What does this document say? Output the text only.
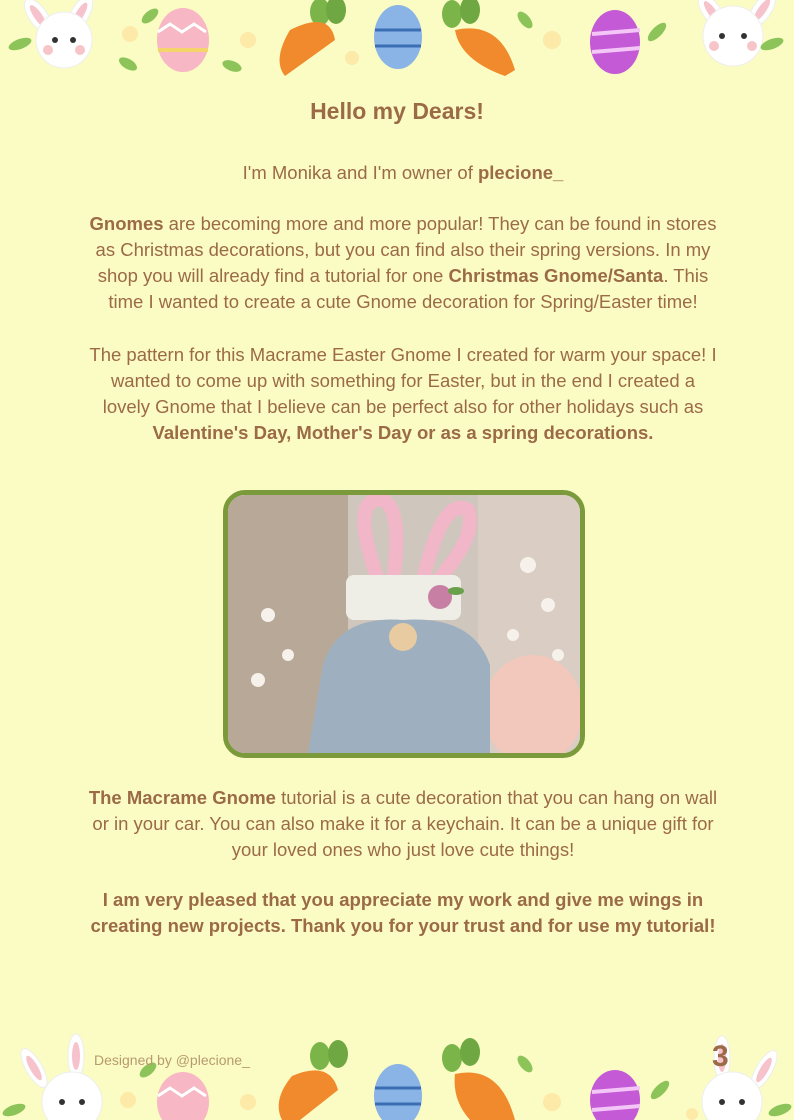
Hello my Dears!

I'm Monika and I'm owner of plecione_

Gnomes are becoming more and more popular! They can be found in stores as Christmas decorations, but you can find also their spring versions. In my shop you will already find a tutorial for one Christmas Gnome/Santa. This time I wanted to create a cute Gnome decoration for Spring/Easter time!

The pattern for this Macrame Easter Gnome I created for warm your space! I wanted to come up with something for Easter, but in the end I created a lovely Gnome that I believe can be perfect also for other holidays such as Valentine's Day, Mother's Day or as a spring decorations.

The Macrame Gnome tutorial is a cute decoration that you can hang on wall or in your car. You can also make it for a keychain. It can be a unique gift for your loved ones who just love cute things!

I am very pleased that you appreciate my work and give me wings in creating new projects. Thank you for your trust and for use my tutorial!

Designed by @plecione_	3
